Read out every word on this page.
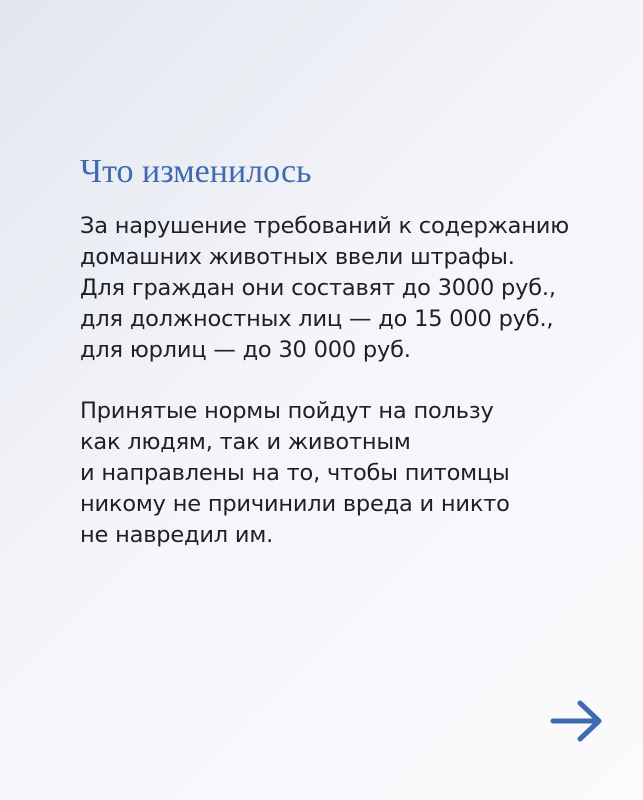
Что изменилось

За нарушение требований к содержанию
домашних животных ввели штрафы.
Для граждан они составят до 3000 руб.,
для должностных лиц — до 15 000 руб.,
для юрлиц — до 30 000 руб.

Принятые нормы пойдут на пользу
как людям, так и животным
и направлены на то, чтобы питомцы
никому не причинили вреда и никто
не навредил им.
